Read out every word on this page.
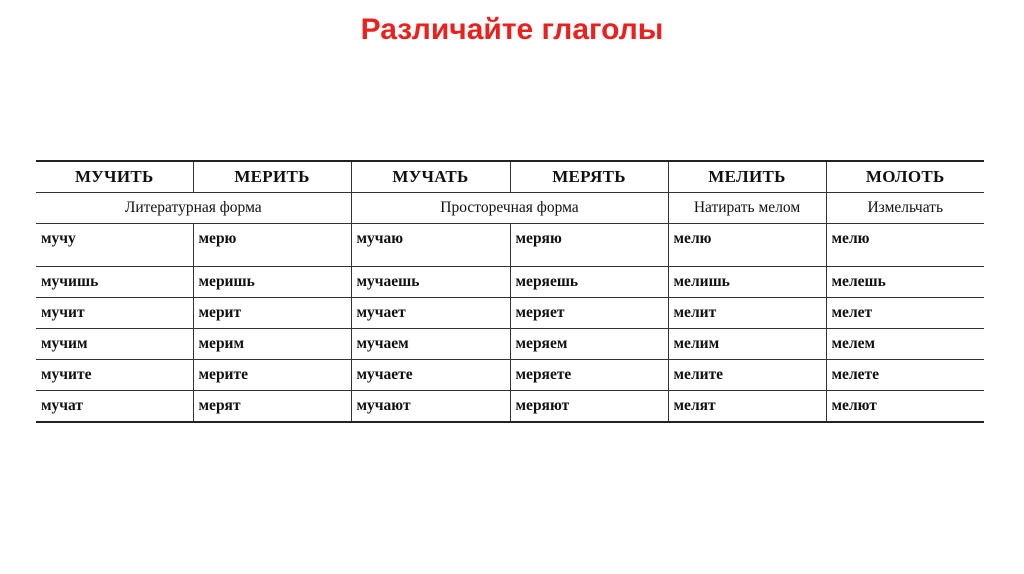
Различайте глаголы
МУЧИТЬ	МЕРИТЬ	МУЧАТЬ	МЕРЯТЬ	МЕЛИТЬ	МОЛОТЬ
Литературная форма		Просторечная форма		Натирать мелом	Измельчать
мучу	мерю	мучаю	меряю	мелю	мелю
мучишь	меришь	мучаешь	меряешь	мелишь	мелешь
мучит	мерит	мучает	меряет	мелит	мелет
мучим	мерим	мучаем	меряем	мелим	мелем
мучите	мерите	мучаете	меряете	мелите	мелете
мучат	мерят	мучают	меряют	мелят	мелют
